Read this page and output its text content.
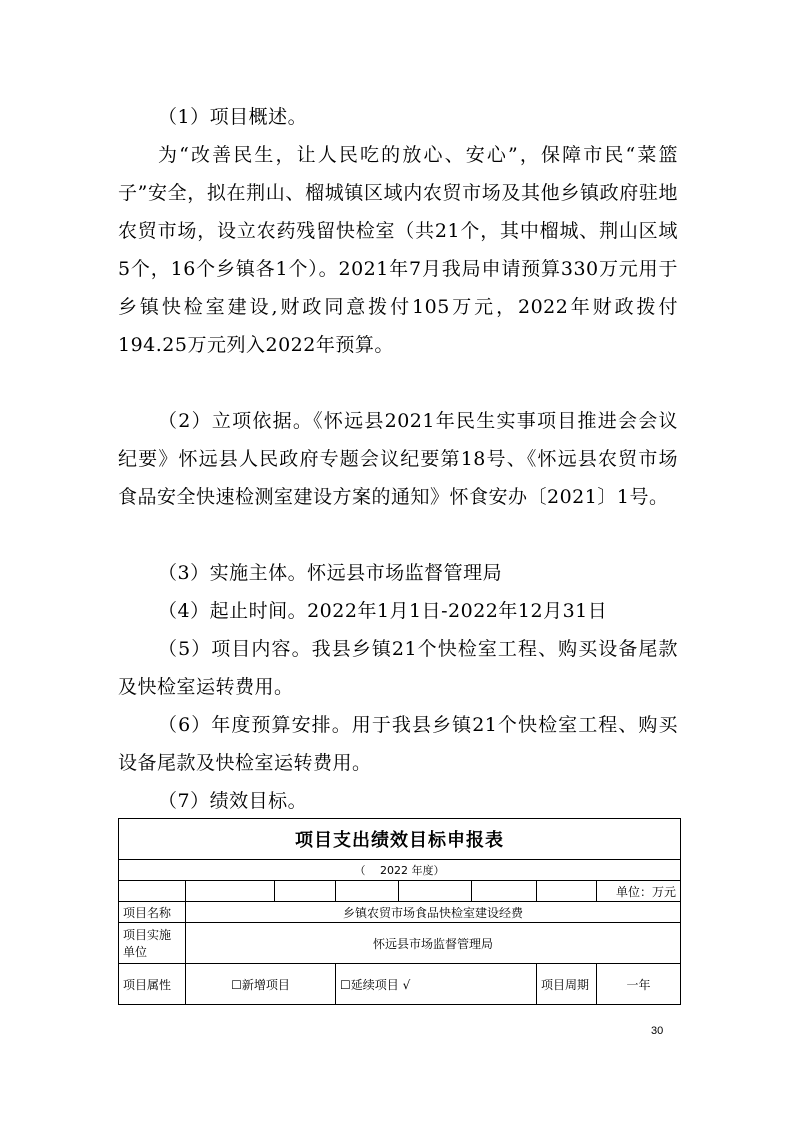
（1）项目概述。

为“改善民生，让人民吃的放心、安心”，保障市民“菜篮子”安全，拟在荆山、榴城镇区域内农贸市场及其他乡镇政府驻地农贸市场，设立农药残留快检室（共21个，其中榴城、荆山区域5个，16个乡镇各1个）。2021年7月我局申请预算330万元用于乡镇快检室建设,财政同意拨付105万元，2022年财政拨付194.25万元列入2022年预算。

（2）立项依据。《怀远县2021年民生实事项目推进会会议纪要》怀远县人民政府专题会议纪要第18号、《怀远县农贸市场食品安全快速检测室建设方案的通知》怀食安办〔2021〕1号。

（3）实施主体。怀远县市场监督管理局

（4）起止时间。2022年1月1日-2022年12月31日

（5）项目内容。我县乡镇21个快检室工程、购买设备尾款及快检室运转费用。

（6）年度预算安排。用于我县乡镇21个快检室工程、购买设备尾款及快检室运转费用。

（7）绩效目标。

项目支出绩效目标申报表							
（　 2022 年度）							
							单位：万元
项目名称	乡镇农贸市场食品快检室建设经费						
项目实施单位	怀远县市场监督管理局						
项目属性	☐新增项目		☐延续项目 √			项目周期	一年
30
